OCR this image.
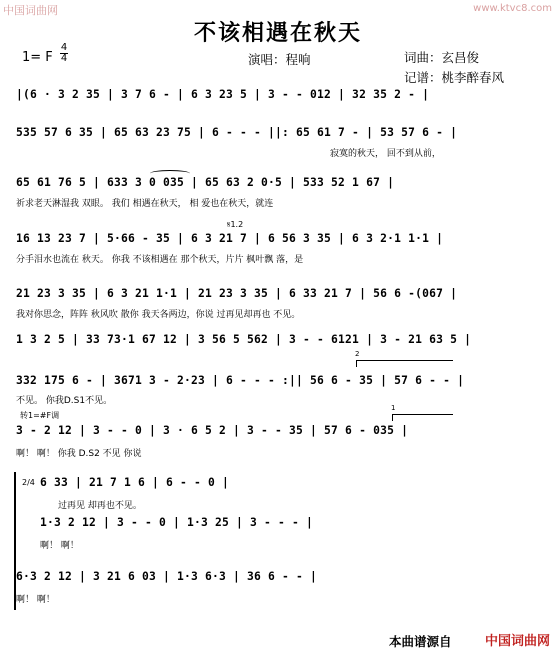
中国词曲网	www.ktvc8.com
不该相遇在秋天
1= F
4
4	演唱：程响	词曲：玄昌俊
记谱：桃李醉春风
|(6 · 3 2 35 | 3 7 6 - | 6 3 23 5 | 3 - - 012 | 32 35 2 - |
535 57 6 35 | 65 63 23 75 | 6 - - - ||: 65 61 7 - | 53 57 6 - |
寂寞的秋天， 回不到从前，
65 61 76 5 | 633 3 0 035 | 65 63 2 0·5 | 533 52 1 67 |
祈求老天淋湿我 双眼。 我们 相遇在秋天， 相 爱也在秋天，就连
𝄋1.2
16 13 23 7 | 5·66 - 35 | 6 3 21 7 | 6 56 3 35 | 6 3 2·1 1·1 |
分手泪水也流在 秋天。 你我 不该相遇在 那个秋天，片片 枫叶飘 落，是
21 23 3 35 | 6 3 21 1·1 | 21 23 3 35 | 6 33 21 7 | 56 6 -(067 |
我对你思念，阵阵 秋风吹 散你 我天各两边，你说 过再见却再也 不见。
1 3 2 5 | 33 73·1 67 12 | 3 56 5 562 | 3 - - 6121 | 3 - 21 63 5 |
2
332 175 6 - | 3671 3 - 2·23 | 6 - - - :|| 56 6 - 35 | 57 6 - - |
不见。 你我D.S1不见。
转1=#F调
1
3 - 2 12 | 3 - - 0 | 3 · 6 5 2 | 3 - - 35 | 57 6 - 035 |
啊！ 啊！ 你我 D.S2 不见 你说
2/4 6 33 | 21 7 1 6 | 6 - - 0 |
过再见 却再也不见。
1·3 2 12 | 3 - - 0 | 1·3 25 | 3 - - - |
啊！ 啊！
6·3 2 12 | 3 21 6 03 | 1·3 6·3 | 36 6 - - |
啊！ 啊！
本曲谱源自	中国词曲网
